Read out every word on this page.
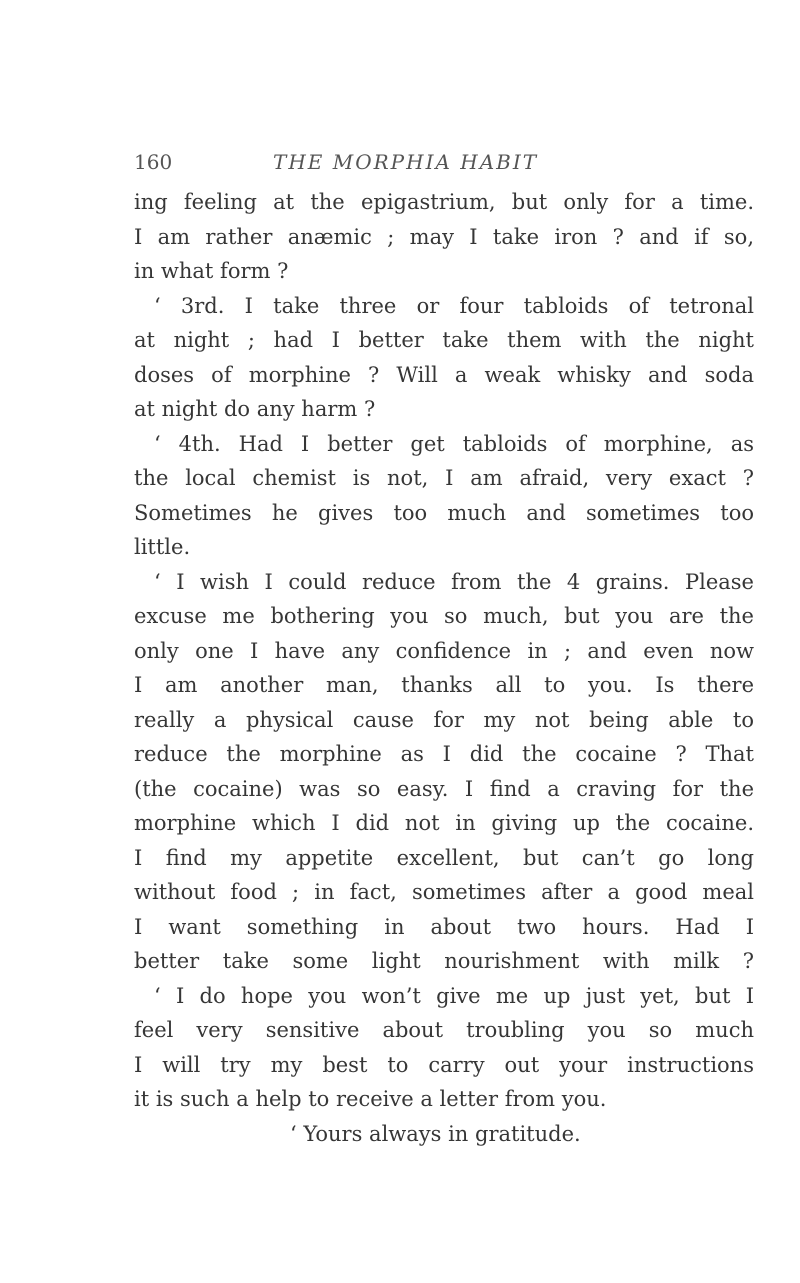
160	THE MORPHIA HABIT
ing feeling at the epigastrium, but only for a time.
I am rather anæmic ; may I take iron ? and if so,
in what form ?
‘ 3rd. I take three or four tabloids of tetronal
at night ; had I better take them with the night
doses of morphine ? Will a weak whisky and soda
at night do any harm ?
‘ 4th. Had I better get tabloids of morphine, as
the local chemist is not, I am afraid, very exact ?
Sometimes he gives too much and sometimes too
little.
‘ I wish I could reduce from the 4 grains. Please
excuse me bothering you so much, but you are the
only one I have any confidence in ; and even now
I am another man, thanks all to you. Is there
really a physical cause for my not being able to
reduce the morphine as I did the cocaine ? That
(the cocaine) was so easy. I find a craving for the
morphine which I did not in giving up the cocaine.
I find my appetite excellent, but can’t go long
without food ; in fact, sometimes after a good meal
I want something in about two hours. Had I
better take some light nourishment with milk ?
‘ I do hope you won’t give me up just yet, but I
feel very sensitive about troubling you so much
I will try my best to carry out your instructions
it is such a help to receive a letter from you.
‘ Yours always in gratitude.
